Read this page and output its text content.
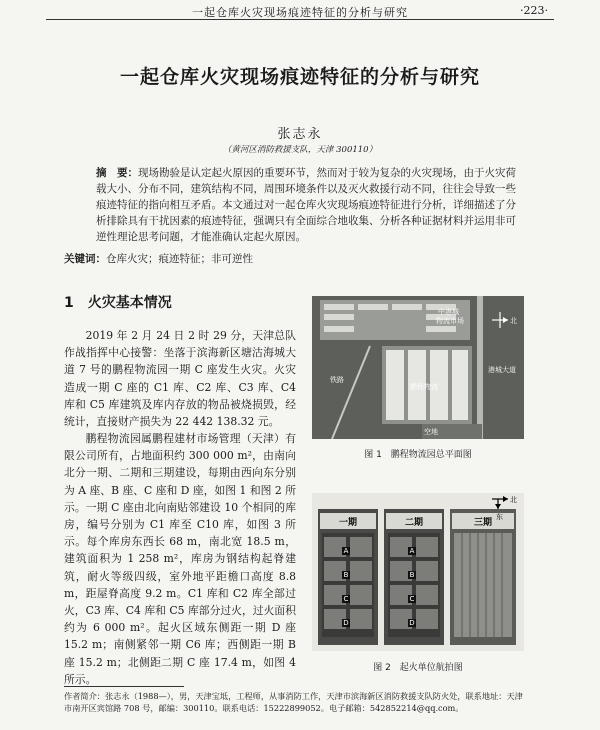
一起仓库火灾现场痕迹特征的分析与研究	·223·
一起仓库火灾现场痕迹特征的分析与研究
张志永
（黄河区消防救援支队，天津 300110）
摘　要：现场勘验是认定起火原因的重要环节，然而对于较为复杂的火灾现场，由于火灾荷载大小、分布不同，建筑结构不同，周围环境条件以及灭火救援行动不同，往往会导致一些痕迹特征的指向相互矛盾。本文通过对一起仓库火灾现场痕迹特征进行分析，详细描述了分析排除具有干扰因素的痕迹特征，强调只有全面综合地收集、分析各种证据材料并运用非可逆性理论思考问题，才能准确认定起火原因。
关键词：仓库火灾；痕迹特征；非可逆性
1　火灾基本情况

2019 年 2 月 24 日 2 时 29 分，天津总队作战指挥中心接警：坐落于滨海新区塘沽海城大道 7 号的鹏程物流园一期 C 座发生火灾。火灾造成一期 C 座的 C1 库、C2 库、C3 库、C4 库和 C5 库建筑及库内存放的物品被烧损毁，经统计，直接财产损失为 22 442 138.32 元。

鹏程物流园属鹏程建材市场管理（天津）有限公司所有，占地面积约 300 000 m²，由南向北分一期、二期和三期建设，每期由西向东分别为 A 座、B 座、C 座和 D 座，如图 1 和图 2 所示。一期 C 座由北向南贴邻建设 10 个相同的库房，编号分别为 C1 库至 C10 库，如图 3 所示。每个库房东西长 68 m，南北宽 18.5 m，建筑面积为 1 258 m²，库房为钢结构起脊建筑，耐火等级四级，室外地平距檐口高度 8.8 m，距屋脊高度 9.2 m。C1 库和 C2 库全部过火，C3 库、C4 库和 C5 库部分过火，过火面积约为 6 000 m²。起火区域东侧距一期 D 座 15.2 m；南侧紧邻一期 C6 库；西侧距一期 B 座 15.2 m；北侧距二期 C 座 17.4 m，如图 4 所示。

中港城物流市场
铁路
鹏程物流
港城大道
空地
北
图 1　鹏程物流园总平面图
一期
A
B
C
D
二期
A
B
C
D
三期
北
东
图 2　起火单位航拍图
作者简介：张志永（1988—），男，天津宝坻，工程师，从事消防工作，天津市滨海新区消防救援支队防火处，联系地址：天津市南开区宾馆路 708 号，邮编：300110。联系电话：15222899052。电子邮箱：542852214@qq.com。
